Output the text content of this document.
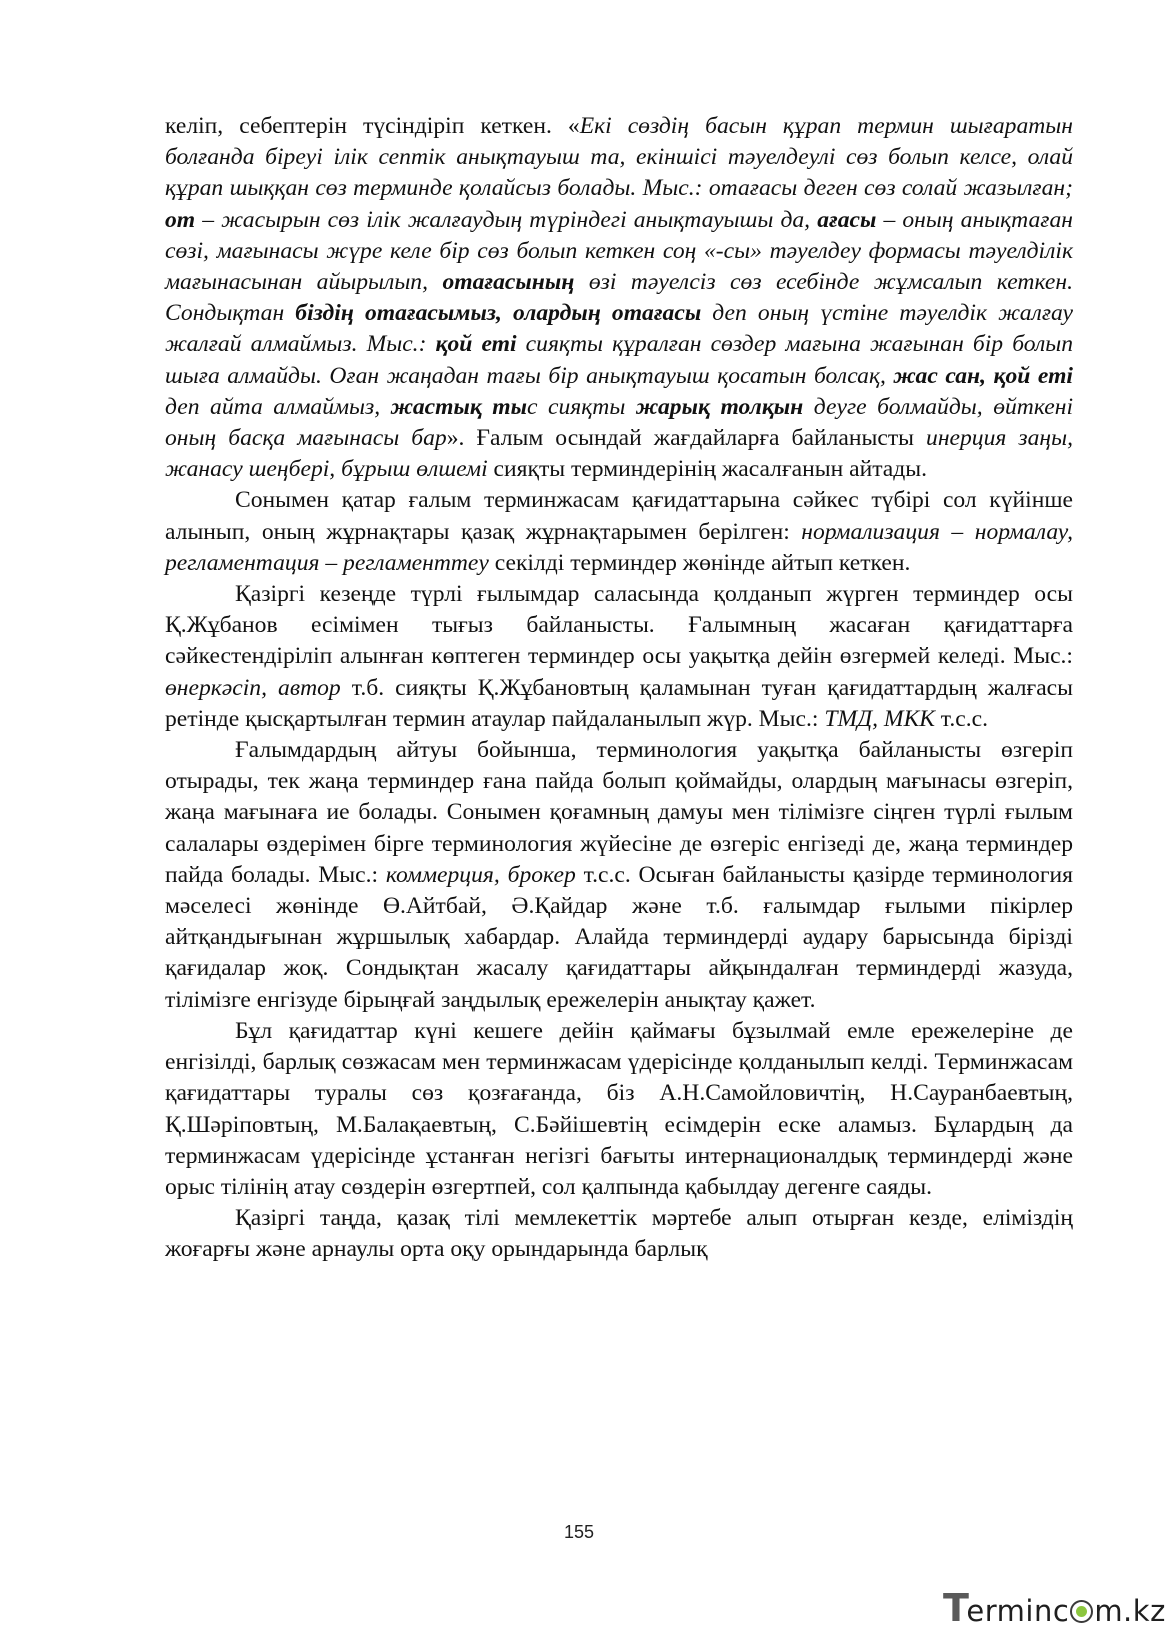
келіп, себептерін түсіндіріп кеткен. «Екі сөздің басын құрап термин шығаратын болғанда біреуі ілік септік анықтауыш та, екіншісі тәуелдеулі сөз болып келсе, олай құрап шыққан сөз терминде қолайсыз болады. Мыс.: отағасы деген сөз солай жазылған; от – жасырын сөз ілік жалғаудың түріндегі анықтауышы да, ағасы – оның анықтаған сөзі, мағынасы жүре келе бір сөз болып кеткен соң «-сы» тәуелдеу формасы тәуелділік мағынасынан айырылып, отағасының өзі тәуелсіз сөз есебінде жұмсалып кеткен. Сондықтан біздің отағасымыз, олардың отағасы деп оның үстіне тәуелдік жалғау жалғай алмаймыз. Мыс.: қой еті сияқты құралған сөздер мағына жағынан бір болып шыға алмайды. Оған жаңадан тағы бір анықтауыш қосатын болсақ, жас сан, қой еті деп айта алмаймыз, жастық тыс сияқты жарық толқын деуге болмайды, өйткені оның басқа мағынасы бар». Ғалым осындай жағдайларға байланысты инерция заңы, жанасу шеңбері, бұрыш өлшемі сияқты терминдерінің жасалғанын айтады.

Сонымен қатар ғалым терминжасам қағидаттарына сәйкес түбірі сол күйінше алынып, оның жұрнақтары қазақ жұрнақтарымен берілген: нормализация – нормалау, регламентация – регламенттеу секілді терминдер жөнінде айтып кеткен.

Қазіргі кезеңде түрлі ғылымдар саласында қолданып жүрген терминдер осы Қ.Жұбанов есімімен тығыз байланысты. Ғалымның жасаған қағидаттарға сәйкестендіріліп алынған көптеген терминдер осы уақытқа дейін өзгермей келеді. Мыс.: өнеркәсіп, автор т.б. сияқты Қ.Жұбановтың қаламынан туған қағидаттардың жалғасы ретінде қысқартылған термин атаулар пайдаланылып жүр. Мыс.: ТМД, МКК т.с.с.

Ғалымдардың айтуы бойынша, терминология уақытқа байланысты өзгеріп отырады, тек жаңа терминдер ғана пайда болып қоймайды, олардың мағынасы өзгеріп, жаңа мағынаға ие болады. Сонымен қоғамның дамуы мен тілімізге сіңген түрлі ғылым салалары өздерімен бірге терминология жүйесіне де өзгеріс енгізеді де, жаңа терминдер пайда болады. Мыс.: коммерция, брокер т.с.с. Осыған байланысты қазірде терминология мәселесі жөнінде Ө.Айтбай, Ә.Қайдар және т.б. ғалымдар ғылыми пікірлер айтқандығынан жұршылық хабардар. Алайда терминдерді аудару барысында бірізді қағидалар жоқ. Сондықтан жасалу қағидаттары айқындалған терминдерді жазуда, тілімізге енгізуде бірыңғай заңдылық ережелерін анықтау қажет.

Бұл қағидаттар күні кешеге дейін қаймағы бұзылмай емле ережелеріне де енгізілді, барлық сөзжасам мен терминжасам үдерісінде қолданылып келді. Терминжасам қағидаттары туралы сөз қозғағанда, біз А.Н.Самойловичтің, Н.Сауранбаевтың, Қ.Шәріповтың, М.Балақаевтың, С.Бәйішевтің есімдерін еске аламыз. Бұлардың да терминжасам үдерісінде ұстанған негізгі бағыты интернационалдық терминдерді және орыс тілінің атау сөздерін өзгертпей, сол қалпында қабылдау дегенге саяды.

Қазіргі таңда, қазақ тілі мемлекеттік мәртебе алып отырған кезде, еліміздің жоғарғы және арнаулы орта оқу орындарында барлық

155
Terminc m.kz
